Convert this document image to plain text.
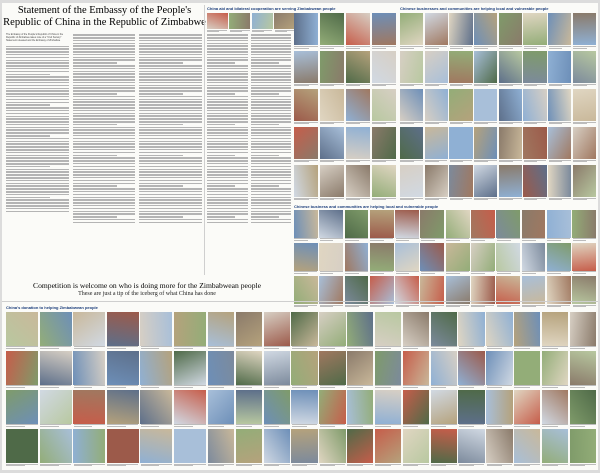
Statement of the Embassy of the People's
Republic of China in the Republic of Zimbabwe

The Embassy of the People's Republic of China in the Republic of Zimbabwe takes note of a "Civil Society" Statement released and the Embassy of Zimbabwe

China aid and bilateral cooperation are serving Zimbabwean people	Chinese businesses and communities are helping local and vulnerable people
Chinese business and communities are helping local and vulnerable people
China's donation to helping Zimbabwean people
Competition is welcome on who is doing more for the Zimbabwean people
These are just a tip of the iceberg of what China has done
